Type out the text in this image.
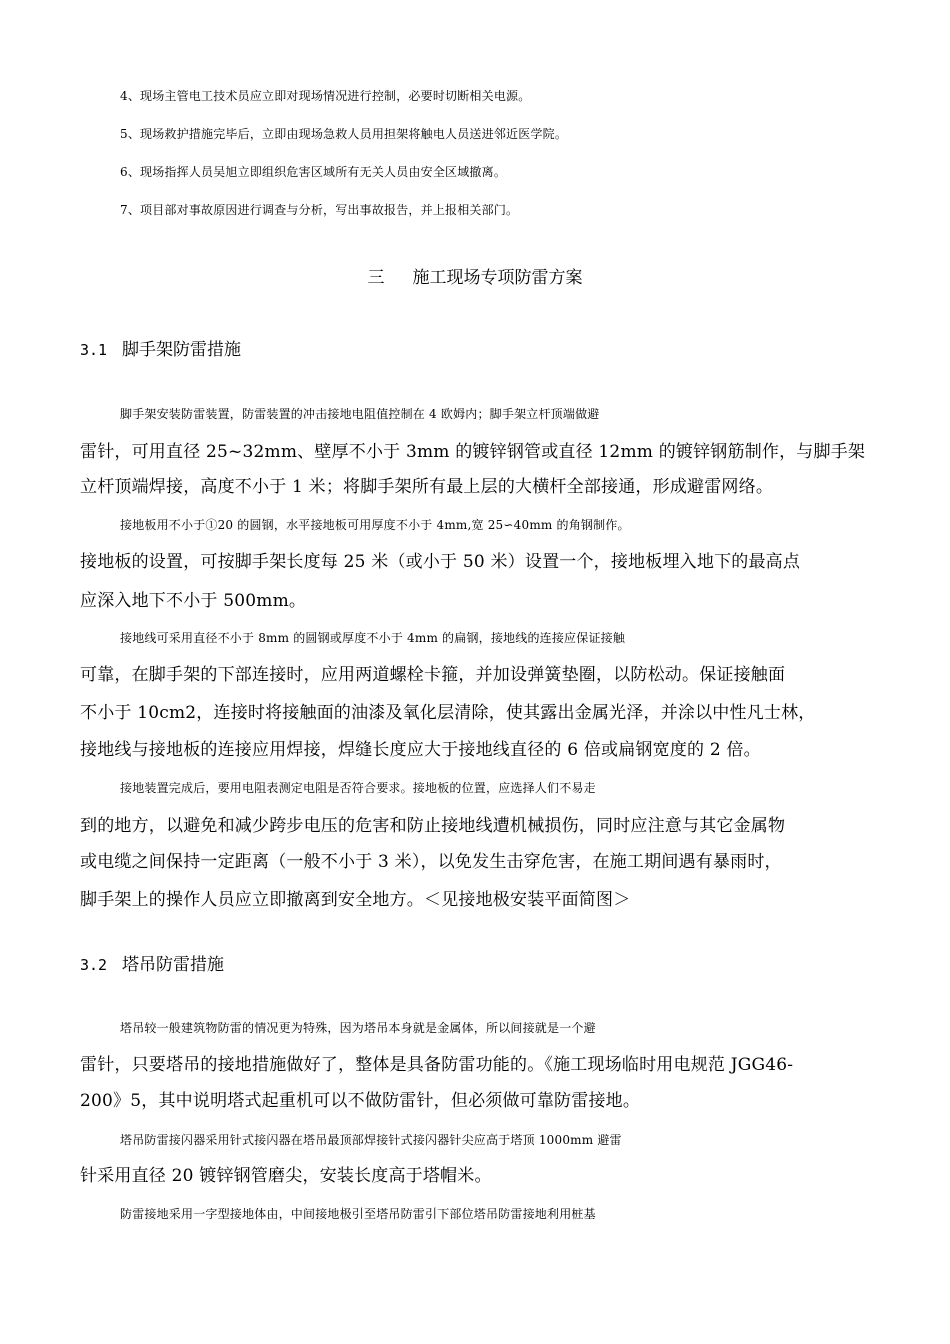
4、现场主管电工技术员应立即对现场情况进行控制，必要时切断相关电源。
5、现场救护措施完毕后，立即由现场急救人员用担架将触电人员送进邻近医学院。
6、现场指挥人员吴旭立即组织危害区域所有无关人员由安全区域撤离。
7、项目部对事故原因进行调查与分析，写出事故报告，并上报相关部门。
三 施工现场专项防雷方案
3.1 脚手架防雷措施
脚手架安装防雷装置，防雷装置的冲击接地电阻值控制在 4 欧姆内；脚手架立杆顶端做避
雷针，可用直径 25~32mm、壁厚不小于 3mm 的镀锌钢管或直径 12mm 的镀锌钢筋制作，与脚手架
立杆顶端焊接，高度不小于 1 米；将脚手架所有最上层的大横杆全部接通，形成避雷网络。
接地板用不小于①20 的圆钢，水平接地板可用厚度不小于 4mm,宽 25∽40mm 的角钢制作。
接地板的设置，可按脚手架长度每 25 米（或小于 50 米）设置一个，接地板埋入地下的最高点
应深入地下不小于 500mm。
接地线可采用直径不小于 8mm 的圆钢或厚度不小于 4mm 的扁钢，接地线的连接应保证接触
可靠，在脚手架的下部连接时，应用两道螺栓卡箍，并加设弹簧垫圈，以防松动。保证接触面
不小于 10cm2，连接时将接触面的油漆及氧化层清除，使其露出金属光泽，并涂以中性凡士林，
接地线与接地板的连接应用焊接，焊缝长度应大于接地线直径的 6 倍或扁钢宽度的 2 倍。
接地装置完成后，要用电阻表测定电阻是否符合要求。接地板的位置，应选择人们不易走
到的地方，以避免和减少跨步电压的危害和防止接地线遭机械损伤，同时应注意与其它金属物
或电缆之间保持一定距离（一般不小于 3 米），以免发生击穿危害，在施工期间遇有暴雨时，
脚手架上的操作人员应立即撤离到安全地方。＜见接地极安装平面简图＞
3.2 塔吊防雷措施
塔吊较一般建筑物防雷的情况更为特殊，因为塔吊本身就是金属体，所以间接就是一个避
雷针，只要塔吊的接地措施做好了，整体是具备防雷功能的。《施工现场临时用电规范 JGG46-
200》5，其中说明塔式起重机可以不做防雷针，但必须做可靠防雷接地。
塔吊防雷接闪器采用针式接闪器在塔吊最顶部焊接针式接闪器针尖应高于塔顶 1000mm 避雷
针采用直径 20 镀锌钢管磨尖，安装长度高于塔帽米。
防雷接地采用一字型接地体由，中间接地极引至塔吊防雷引下部位塔吊防雷接地利用桩基
